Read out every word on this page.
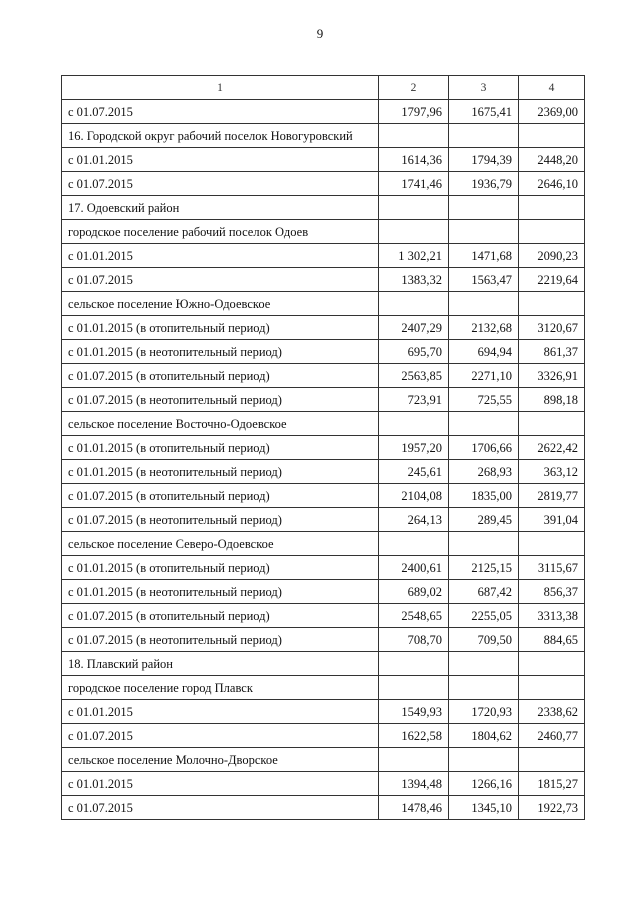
9
1	2	3	4
с 01.07.2015	1797,96	1675,41	2369,00
16. Городской округ рабочий поселок Новогуровский			
с 01.01.2015	1614,36	1794,39	2448,20
с 01.07.2015	1741,46	1936,79	2646,10
17. Одоевский район			
городское поселение рабочий поселок Одоев			
с 01.01.2015	1 302,21	1471,68	2090,23
с 01.07.2015	1383,32	1563,47	2219,64
сельское поселение Южно-Одоевское			
с 01.01.2015 (в отопительный период)	2407,29	2132,68	3120,67
с 01.01.2015 (в неотопительный период)	695,70	694,94	861,37
с 01.07.2015 (в отопительный период)	2563,85	2271,10	3326,91
с 01.07.2015 (в неотопительный период)	723,91	725,55	898,18
сельское поселение Восточно-Одоевское			
с 01.01.2015 (в отопительный период)	1957,20	1706,66	2622,42
с 01.01.2015 (в неотопительный период)	245,61	268,93	363,12
с 01.07.2015 (в отопительный период)	2104,08	1835,00	2819,77
с 01.07.2015 (в неотопительный период)	264,13	289,45	391,04
сельское поселение Северо-Одоевское			
с 01.01.2015 (в отопительный период)	2400,61	2125,15	3115,67
с 01.01.2015 (в неотопительный период)	689,02	687,42	856,37
с 01.07.2015 (в отопительный период)	2548,65	2255,05	3313,38
с 01.07.2015 (в неотопительный период)	708,70	709,50	884,65
18. Плавский район			
городское поселение город Плавск			
с 01.01.2015	1549,93	1720,93	2338,62
с 01.07.2015	1622,58	1804,62	2460,77
сельское поселение Молочно-Дворское			
с 01.01.2015	1394,48	1266,16	1815,27
с 01.07.2015	1478,46	1345,10	1922,73
